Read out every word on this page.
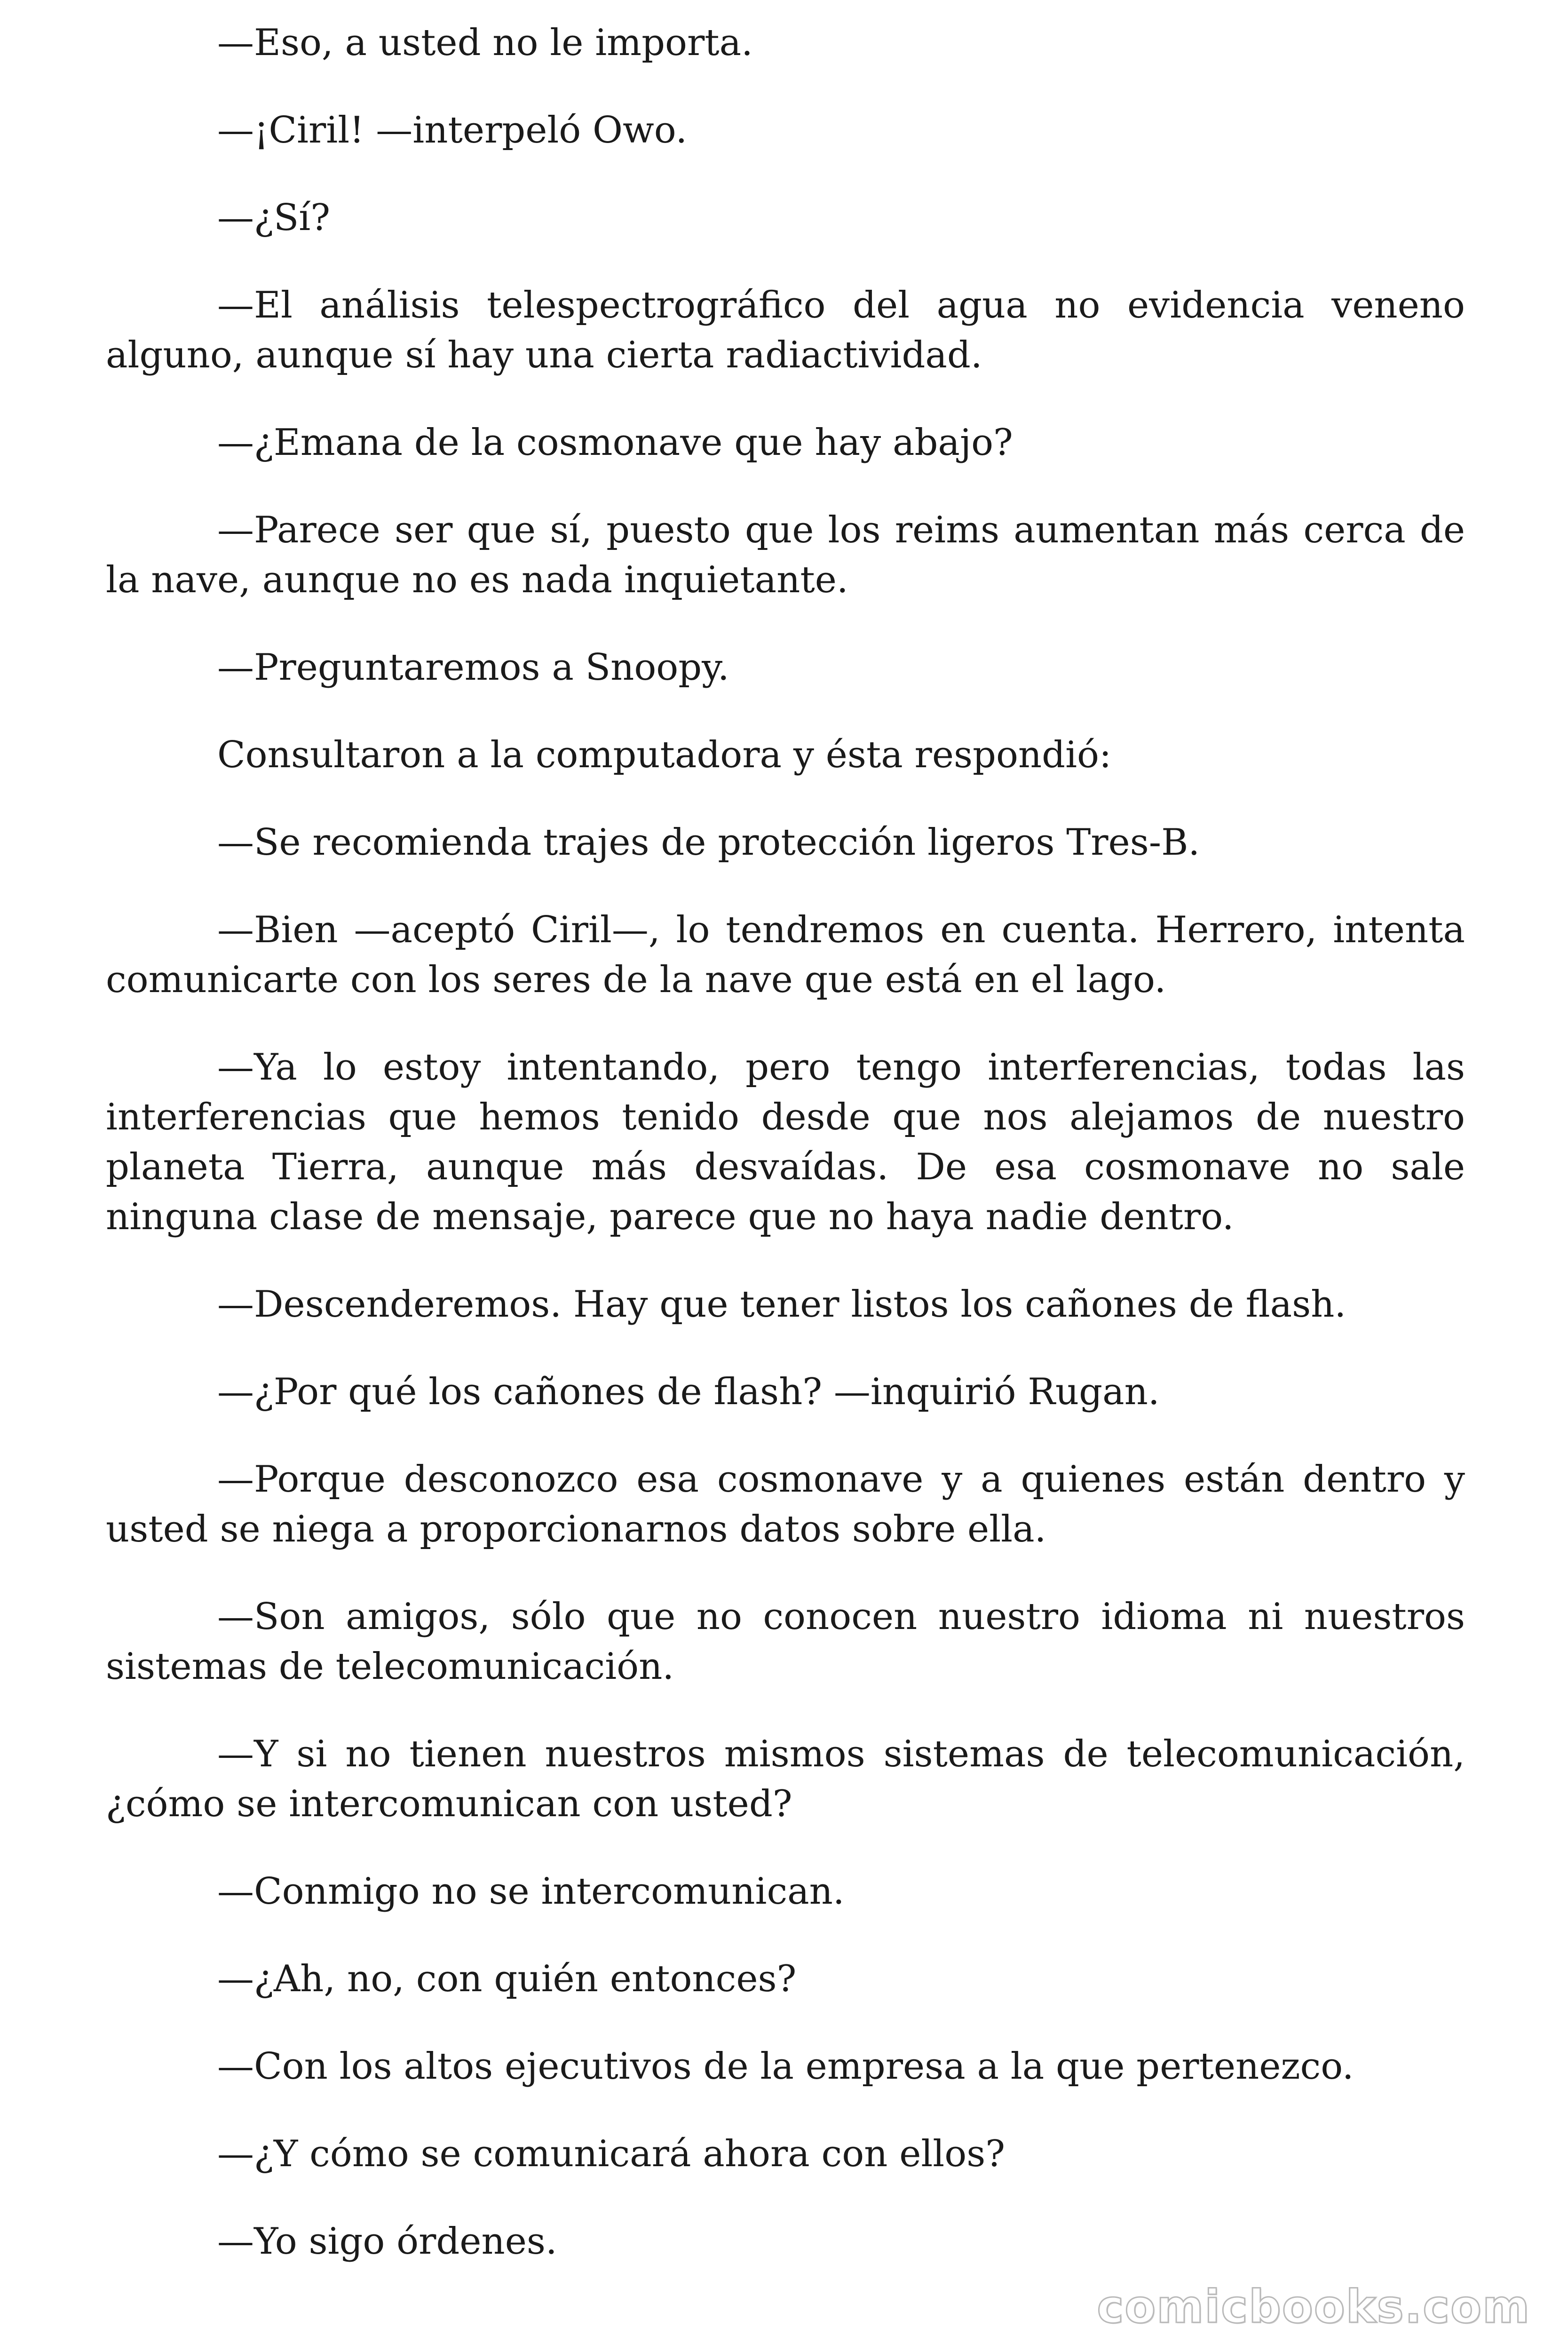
—Eso, a usted no le importa.

—¡Ciril! —interpeló Owo.

—¿Sí?

—El análisis telespectrográfico del agua no evidencia veneno alguno, aunque sí hay una cierta radiactividad.

—¿Emana de la cosmonave que hay abajo?

—Parece ser que sí, puesto que los reims aumentan más cerca de la nave, aunque no es nada inquietante.

—Preguntaremos a Snoopy.

Consultaron a la computadora y ésta respondió:

—Se recomienda trajes de protección ligeros Tres-B.

—Bien —aceptó Ciril—, lo tendremos en cuenta. Herrero, intenta comunicarte con los seres de la nave que está en el lago.

—Ya lo estoy intentando, pero tengo interferencias, todas las interferencias que hemos tenido desde que nos alejamos de nuestro planeta Tierra, aunque más desvaídas. De esa cosmonave no sale ninguna clase de mensaje, parece que no haya nadie dentro.

—Descenderemos. Hay que tener listos los cañones de flash.

—¿Por qué los cañones de flash? —inquirió Rugan.

—Porque desconozco esa cosmonave y a quienes están dentro y usted se niega a proporcionarnos datos sobre ella.

—Son amigos, sólo que no conocen nuestro idioma ni nuestros sistemas de telecomunicación.

—Y si no tienen nuestros mismos sistemas de telecomunicación, ¿cómo se intercomunican con usted?

—Conmigo no se intercomunican.

—¿Ah, no, con quién entonces?

—Con los altos ejecutivos de la empresa a la que pertenezco.

—¿Y cómo se comunicará ahora con ellos?

—Yo sigo órdenes.

comicbooks.com
